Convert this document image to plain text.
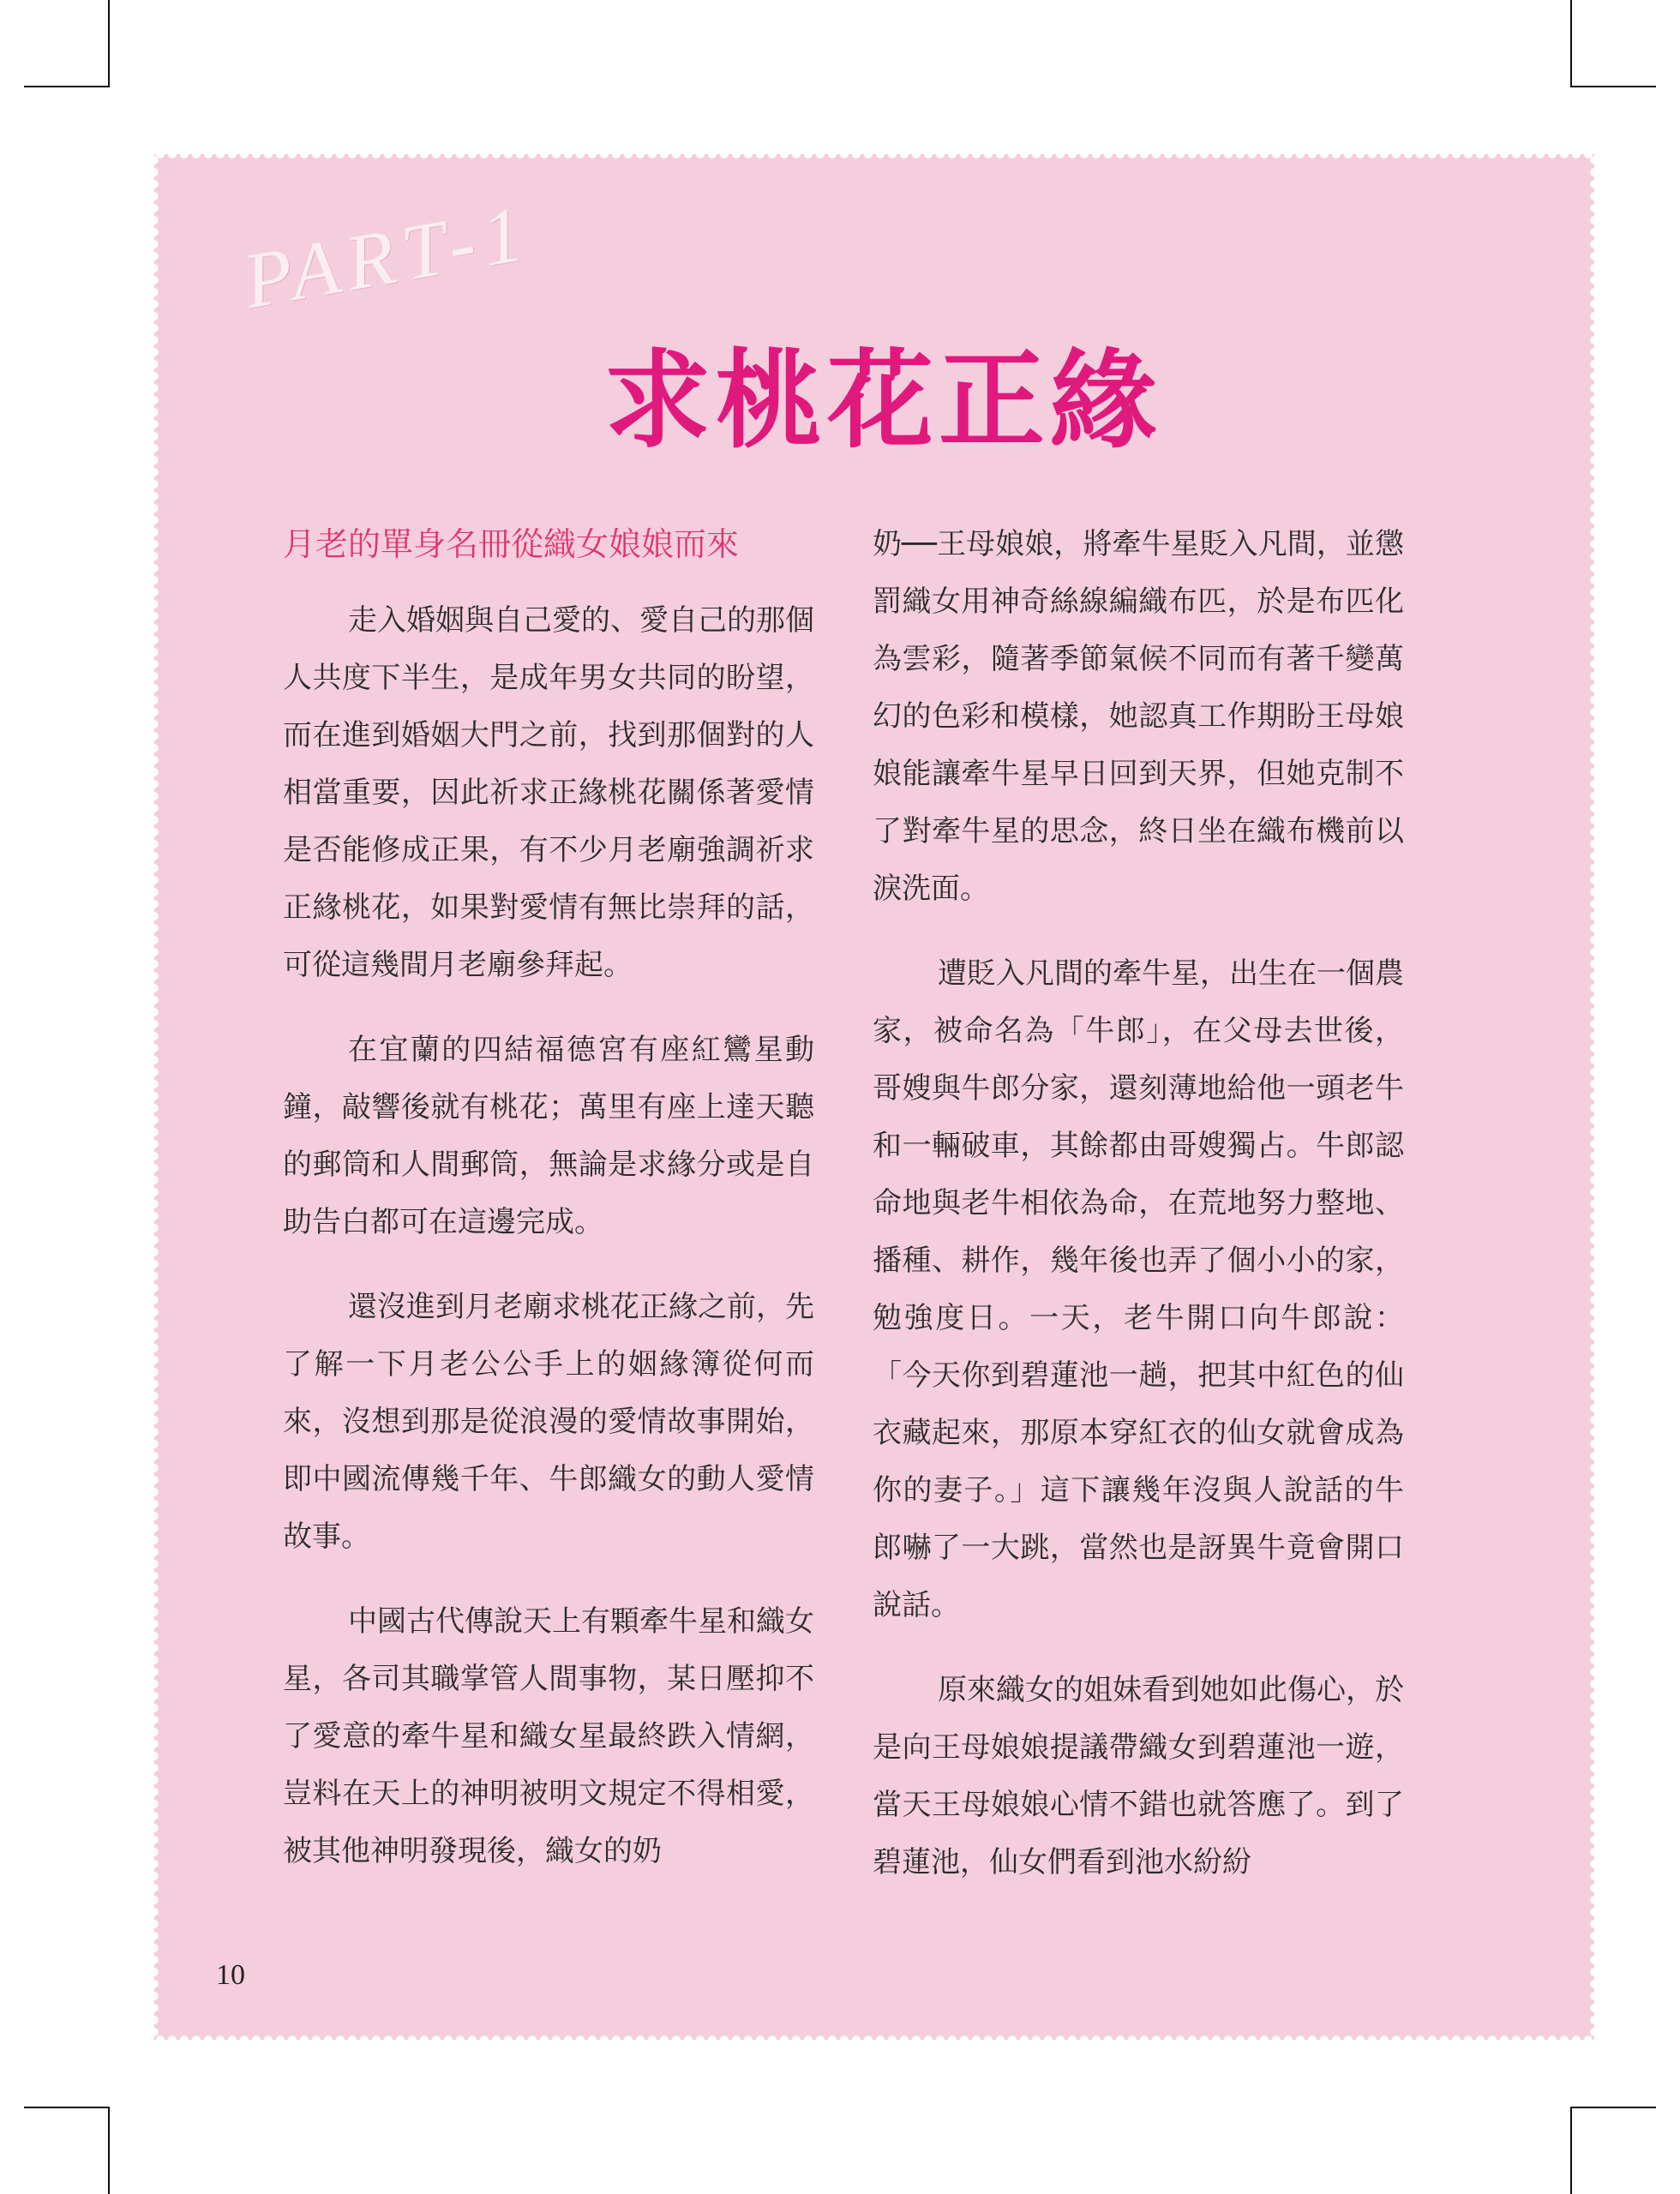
PART-1
求桃花正緣
月老的單身名冊從織女娘娘而來

走入婚姻與自己愛的、愛自己的那個人共度下半生，是成年男女共同的盼望，而在進到婚姻大門之前，找到那個對的人相當重要，因此祈求正緣桃花關係著愛情是否能修成正果，有不少月老廟強調祈求正緣桃花，如果對愛情有無比崇拜的話，可從這幾間月老廟參拜起。

在宜蘭的四結福德宮有座紅鸞星動鐘，敲響後就有桃花；萬里有座上達天聽的郵筒和人間郵筒，無論是求緣分或是自助告白都可在這邊完成。

還沒進到月老廟求桃花正緣之前，先了解一下月老公公手上的姻緣簿從何而來，沒想到那是從浪漫的愛情故事開始，即中國流傳幾千年、牛郎織女的動人愛情故事。

中國古代傳說天上有顆牽牛星和織女星，各司其職掌管人間事物，某日壓抑不了愛意的牽牛星和織女星最終跌入情網，豈料在天上的神明被明文規定不得相愛，被其他神明發現後，織女的奶

奶──王母娘娘，將牽牛星貶入凡間，並懲罰織女用神奇絲線編織布匹，於是布匹化為雲彩，隨著季節氣候不同而有著千變萬幻的色彩和模樣，她認真工作期盼王母娘娘能讓牽牛星早日回到天界，但她克制不了對牽牛星的思念，終日坐在織布機前以淚洗面。

遭貶入凡間的牽牛星，出生在一個農家，被命名為「牛郎」，在父母去世後，哥嫂與牛郎分家，還刻薄地給他一頭老牛和一輛破車，其餘都由哥嫂獨占。牛郎認命地與老牛相依為命，在荒地努力整地、播種、耕作，幾年後也弄了個小小的家，勉強度日。一天，老牛開口向牛郎說：「今天你到碧蓮池一趟，把其中紅色的仙衣藏起來，那原本穿紅衣的仙女就會成為你的妻子。」這下讓幾年沒與人說話的牛郎嚇了一大跳，當然也是訝異牛竟會開口說話。

原來織女的姐妹看到她如此傷心，於是向王母娘娘提議帶織女到碧蓮池一遊，當天王母娘娘心情不錯也就答應了。到了碧蓮池，仙女們看到池水紛紛

10
